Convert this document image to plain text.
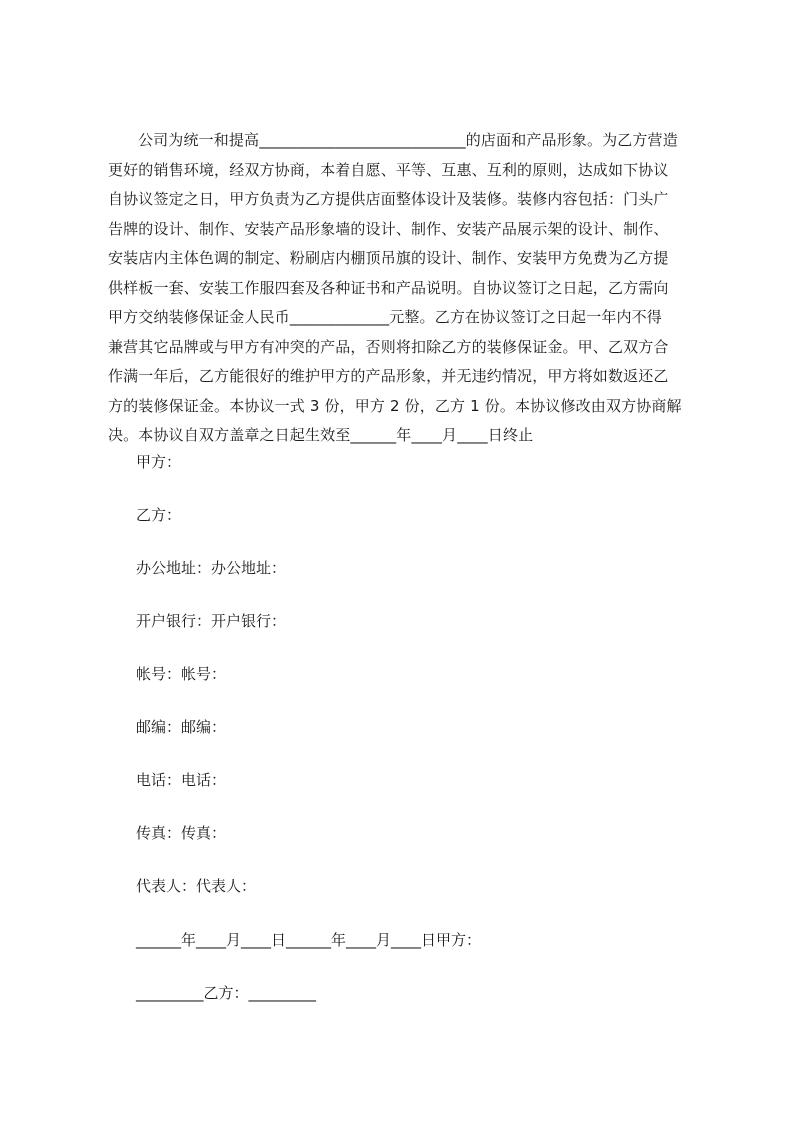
公司为统一和提高___________________________的店面和产品形象。为乙方营造
更好的销售环境，经双方协商，本着自愿、平等、互惠、互利的原则，达成如下协议
自协议签定之日，甲方负责为乙方提供店面整体设计及装修。装修内容包括：门头广
告牌的设计、制作、安装产品形象墙的设计、制作、安装产品展示架的设计、制作、
安装店内主体色调的制定、粉刷店内棚顶吊旗的设计、制作、安装甲方免费为乙方提
供样板一套、安装工作服四套及各种证书和产品说明。自协议签订之日起，乙方需向
甲方交纳装修保证金人民币_____________元整。乙方在协议签订之日起一年内不得
兼营其它品牌或与甲方有冲突的产品，否则将扣除乙方的装修保证金。甲、乙双方合
作满一年后，乙方能很好的维护甲方的产品形象，并无违约情况，甲方将如数返还乙
方的装修保证金。本协议一式 3 份，甲方 2 份，乙方 1 份。本协议修改由双方协商解
决。本协议自双方盖章之日起生效至______年____月____日终止
甲方：
乙方：
办公地址：办公地址：
开户银行：开户银行：
帐号：帐号：
邮编：邮编：
电话：电话：
传真：传真：
代表人：代表人：
______年____月____日______年____月____日甲方：
_________乙方：_________
